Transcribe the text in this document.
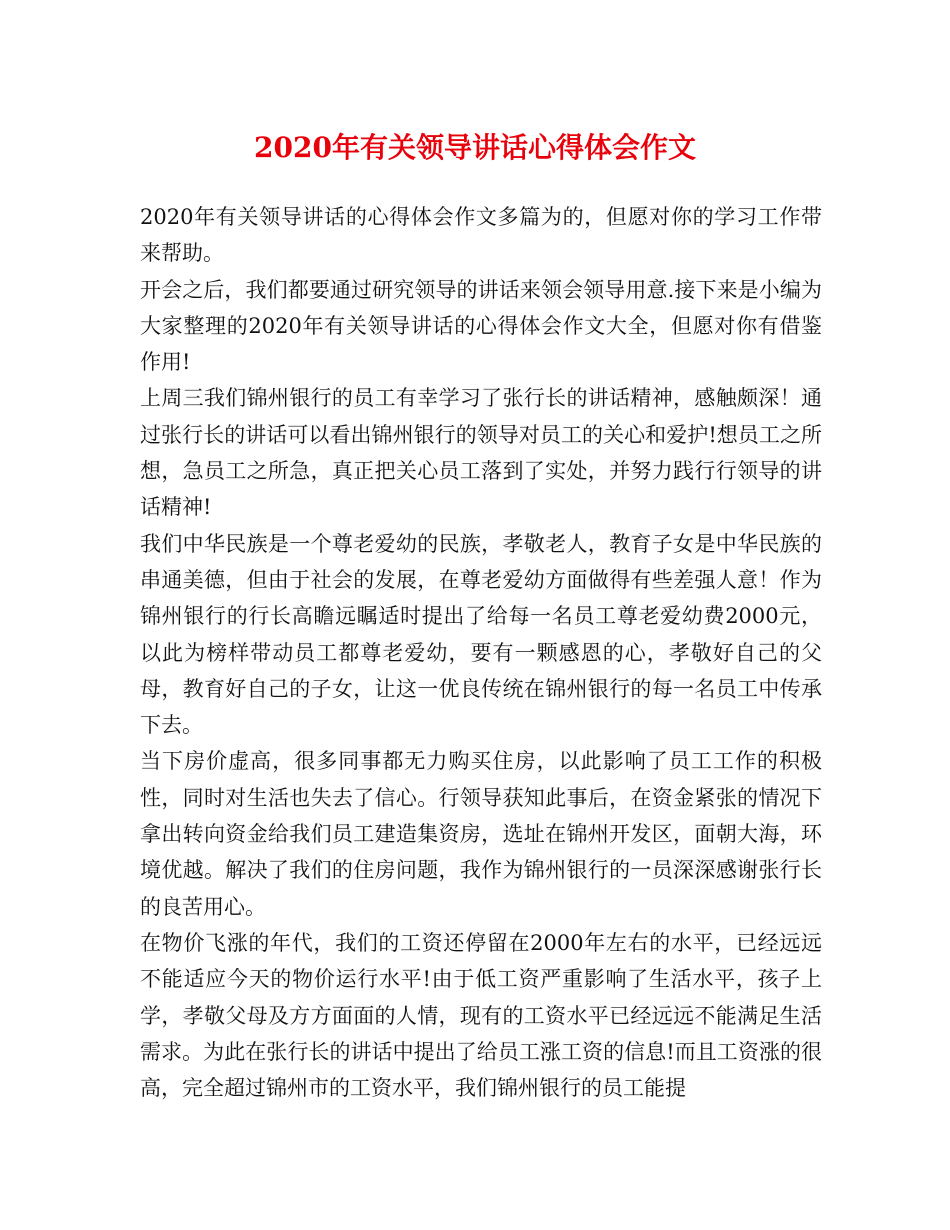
2020年有关领导讲话心得体会作文

2020年有关领导讲话的心得体会作文多篇为的，但愿对你的学习工作带来帮助。

开会之后，我们都要通过研究领导的讲话来领会领导用意.接下来是小编为大家整理的2020年有关领导讲话的心得体会作文大全，但愿对你有借鉴作用!

上周三我们锦州银行的员工有幸学习了张行长的讲话精神，感触颇深！通过张行长的讲话可以看出锦州银行的领导对员工的关心和爱护!想员工之所想，急员工之所急，真正把关心员工落到了实处，并努力践行行领导的讲话精神!

我们中华民族是一个尊老爱幼的民族，孝敬老人，教育子女是中华民族的串通美德，但由于社会的发展，在尊老爱幼方面做得有些差强人意！作为锦州银行的行长高瞻远瞩适时提出了给每一名员工尊老爱幼费2000元，以此为榜样带动员工都尊老爱幼，要有一颗感恩的心，孝敬好自己的父母，教育好自己的子女，让这一优良传统在锦州银行的每一名员工中传承下去。

当下房价虚高，很多同事都无力购买住房，以此影响了员工工作的积极性，同时对生活也失去了信心。行领导获知此事后，在资金紧张的情况下拿出转向资金给我们员工建造集资房，选址在锦州开发区，面朝大海，环境优越。解决了我们的住房问题，我作为锦州银行的一员深深感谢张行长的良苦用心。

在物价飞涨的年代，我们的工资还停留在2000年左右的水平，已经远远不能适应今天的物价运行水平!由于低工资严重影响了生活水平，孩子上学，孝敬父母及方方面面的人情，现有的工资水平已经远远不能满足生活需求。为此在张行长的讲话中提出了给员工涨工资的信息!而且工资涨的很高，完全超过锦州市的工资水平，我们锦州银行的员工能提
